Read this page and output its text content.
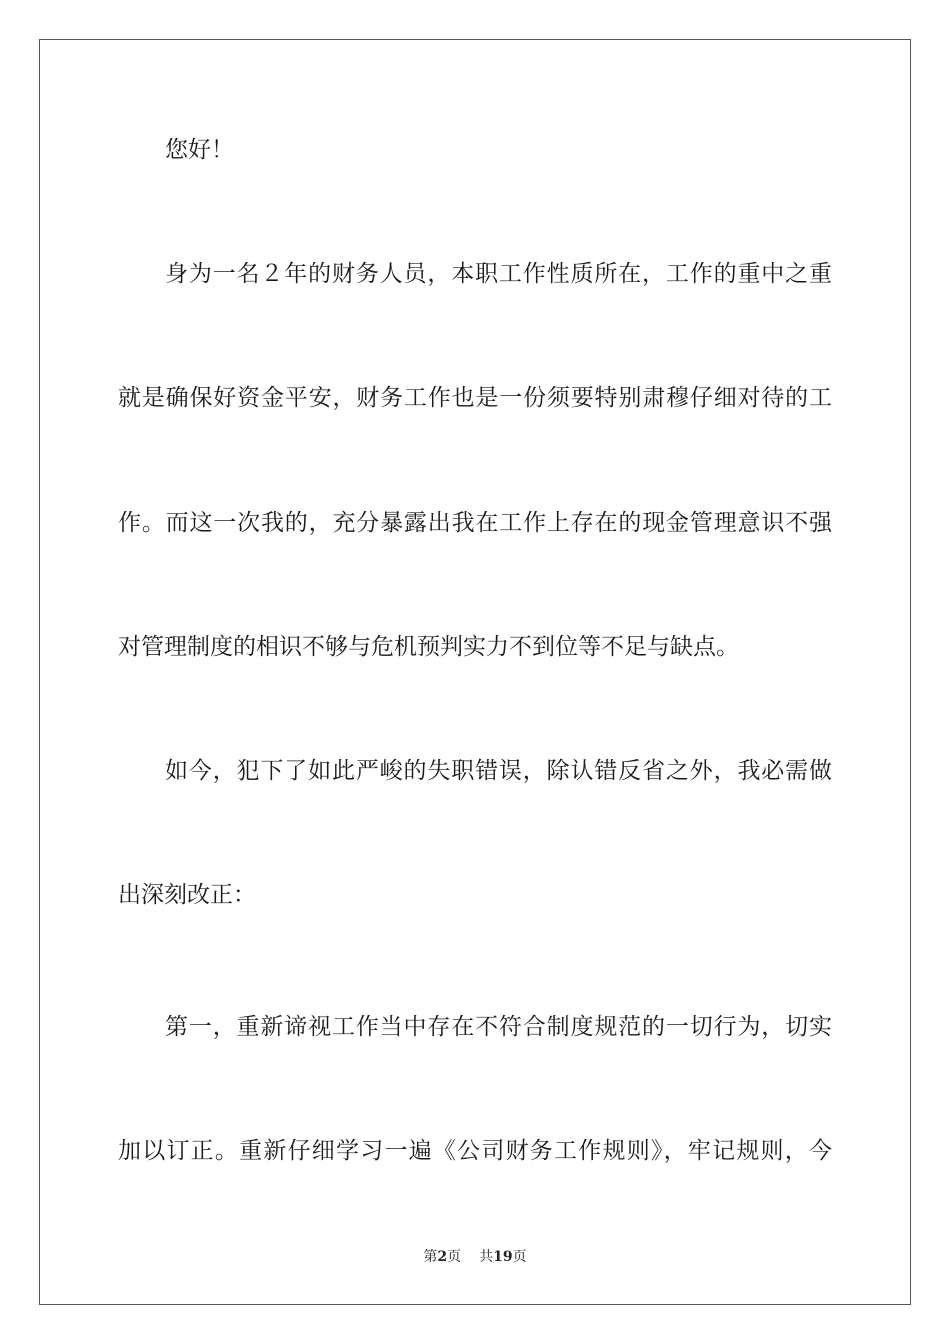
您好！
身为一名２年的财务人员，本职工作性质所在，工作的重中之重
就是确保好资金平安，财务工作也是一份须要特别肃穆仔细对待的工
作。而这一次我的，充分暴露出我在工作上存在的现金管理意识不强
对管理制度的相识不够与危机预判实力不到位等不足与缺点。
如今，犯下了如此严峻的失职错误，除认错反省之外，我必需做
出深刻改正：
第一，重新谛视工作当中存在不符合制度规范的一切行为，切实
加以订正。重新仔细学习一遍《公司财务工作规则》，牢记规则，今
第2页 共19页
